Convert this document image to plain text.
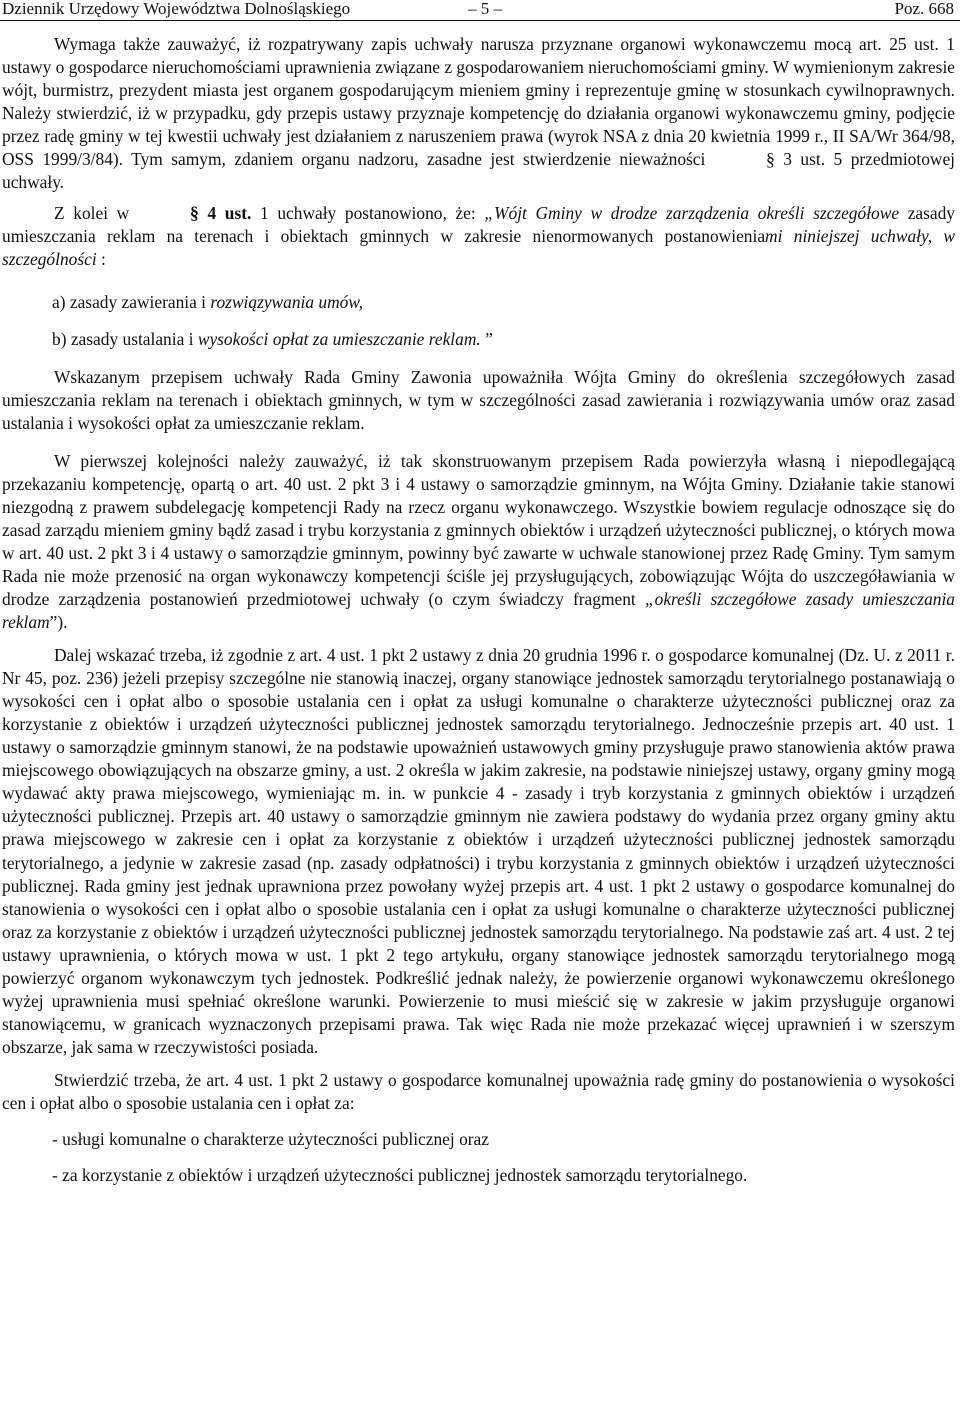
Dziennik Urzędowy Województwa Dolnośląskiego	– 5 –	Poz. 668

Wymaga także zauważyć, iż rozpatrywany zapis uchwały narusza przyznane organowi wykonawczemu mocą art. 25 ust. 1 ustawy o gospodarce nieruchomościami uprawnienia związane z gospodarowaniem nieruchomościami gminy. W wymienionym zakresie wójt, burmistrz, prezydent miasta jest organem gospodarującym mieniem gminy i reprezentuje gminę w stosunkach cywilnoprawnych. Należy stwierdzić, iż w przypadku, gdy przepis ustawy przyznaje kompetencję do działania organowi wykonawczemu gminy, podjęcie przez radę gminy w tej kwestii uchwały jest działaniem z naruszeniem prawa (wyrok NSA z dnia 20 kwietnia 1999 r., II SA/Wr 364/98, OSS 1999/3/84). Tym samym, zdaniem organu nadzoru, zasadne jest stwierdzenie nieważności	§ 3 ust. 5 przedmiotowej uchwały.

Z kolei w	§ 4 ust. 1 uchwały postanowiono, że: „Wójt Gminy w drodze zarządzenia określi szczegółowe zasady umieszczania reklam na terenach i obiektach gminnych w zakresie nienormowanych postanowieniami niniejszej uchwały, w szczególności :

a) zasady zawierania i rozwiązywania umów,

b) zasady ustalania i wysokości opłat za umieszczanie reklam. ”

Wskazanym przepisem uchwały Rada Gminy Zawonia upoważniła Wójta Gminy do określenia szczegółowych zasad umieszczania reklam na terenach i obiektach gminnych, w tym w szczególności zasad zawierania i rozwiązywania umów oraz zasad ustalania i wysokości opłat za umieszczanie reklam.

W pierwszej kolejności należy zauważyć, iż tak skonstruowanym przepisem Rada powierzyła własną i niepodlegającą przekazaniu kompetencję, opartą o art. 40 ust. 2 pkt 3 i 4 ustawy o samorządzie gminnym, na Wójta Gminy. Działanie takie stanowi niezgodną z prawem subdelegację kompetencji Rady na rzecz organu wykonawczego. Wszystkie bowiem regulacje odnoszące się do zasad zarządu mieniem gminy bądź zasad i trybu korzystania z gminnych obiektów i urządzeń użyteczności publicznej, o których mowa w art. 40 ust. 2 pkt 3 i 4 ustawy o samorządzie gminnym, powinny być zawarte w uchwale stanowionej przez Radę Gminy. Tym samym Rada nie może przenosić na organ wykonawczy kompetencji ściśle jej przysługujących, zobowiązując Wójta do uszczegóławiania w drodze zarządzenia postanowień przedmiotowej uchwały (o czym świadczy fragment „określi szczegółowe zasady umieszczania reklam”).

Dalej wskazać trzeba, iż zgodnie z art. 4 ust. 1 pkt 2 ustawy z dnia 20 grudnia 1996 r. o gospodarce komunalnej (Dz. U. z 2011 r. Nr 45, poz. 236) jeżeli przepisy szczególne nie stanowią inaczej, organy stanowiące jednostek samorządu terytorialnego postanawiają o wysokości cen i opłat albo o sposobie ustalania cen i opłat za usługi komunalne o charakterze użyteczności publicznej oraz za korzystanie z obiektów i urządzeń użyteczności publicznej jednostek samorządu terytorialnego. Jednocześnie przepis art. 40 ust. 1 ustawy o samorządzie gminnym stanowi, że na podstawie upoważnień ustawowych gminy przysługuje prawo stanowienia aktów prawa miejscowego obowiązujących na obszarze gminy, a ust. 2 określa w jakim zakresie, na podstawie niniejszej ustawy, organy gminy mogą wydawać akty prawa miejscowego, wymieniając m. in. w punkcie 4 - zasady i tryb korzystania z gminnych obiektów i urządzeń użyteczności publicznej. Przepis art. 40 ustawy o samorządzie gminnym nie zawiera podstawy do wydania przez organy gminy aktu prawa miejscowego w zakresie cen i opłat za korzystanie z obiektów i urządzeń użyteczności publicznej jednostek samorządu terytorialnego, a jedynie w zakresie zasad (np. zasady odpłatności) i trybu korzystania z gminnych obiektów i urządzeń użyteczności publicznej. Rada gminy jest jednak uprawniona przez powołany wyżej przepis art. 4 ust. 1 pkt 2 ustawy o gospodarce komunalnej do stanowienia o wysokości cen i opłat albo o sposobie ustalania cen i opłat za usługi komunalne o charakterze użyteczności publicznej oraz za korzystanie z obiektów i urządzeń użyteczności publicznej jednostek samorządu terytorialnego. Na podstawie zaś art. 4 ust. 2 tej ustawy uprawnienia, o których mowa w ust. 1 pkt 2 tego artykułu, organy stanowiące jednostek samorządu terytorialnego mogą powierzyć organom wykonawczym tych jednostek. Podkreślić jednak należy, że powierzenie organowi wykonawczemu określonego wyżej uprawnienia musi spełniać określone warunki. Powierzenie to musi mieścić się w zakresie w jakim przysługuje organowi stanowiącemu, w granicach wyznaczonych przepisami prawa. Tak więc Rada nie może przekazać więcej uprawnień i w szerszym obszarze, jak sama w rzeczywistości posiada.

Stwierdzić trzeba, że art. 4 ust. 1 pkt 2 ustawy o gospodarce komunalnej upoważnia radę gminy do postanowienia o wysokości cen i opłat albo o sposobie ustalania cen i opłat za:

- usługi komunalne o charakterze użyteczności publicznej oraz

- za korzystanie z obiektów i urządzeń użyteczności publicznej jednostek samorządu terytorialnego.
